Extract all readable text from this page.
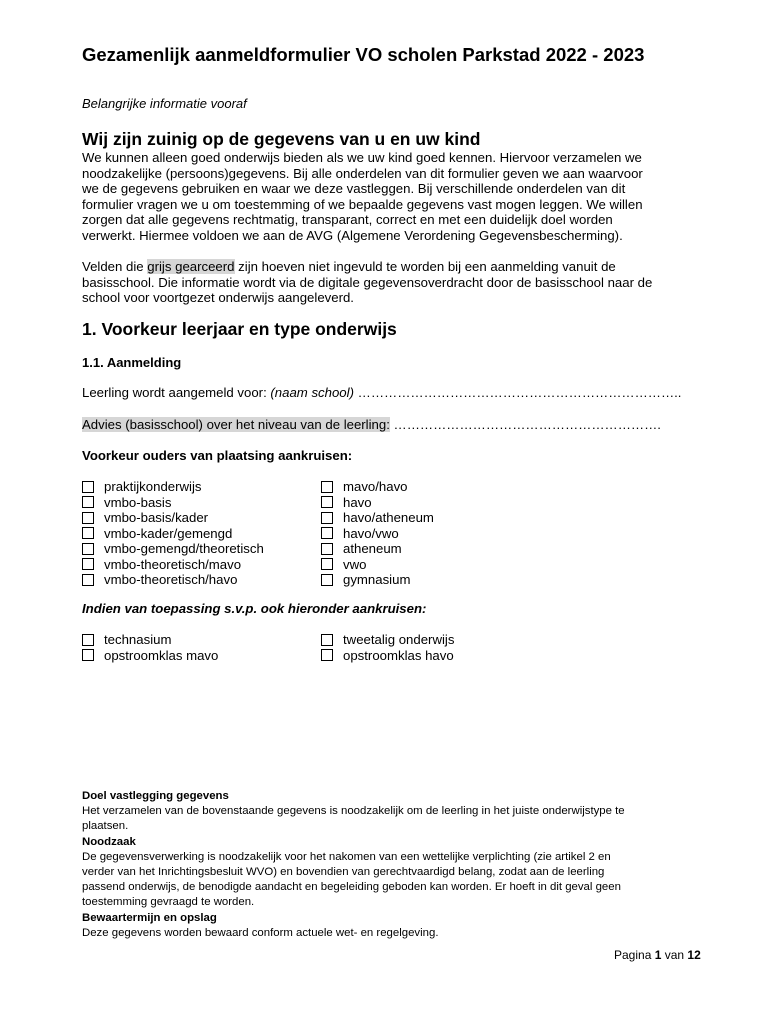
Gezamenlijk aanmeldformulier VO scholen Parkstad 2022 - 2023
Belangrijke informatie vooraf
Wij zijn zuinig op de gegevens van u en uw kind
We kunnen alleen goed onderwijs bieden als we uw kind goed kennen. Hiervoor verzamelen we
noodzakelijke (persoons)gegevens. Bij alle onderdelen van dit formulier geven we aan waarvoor
we de gegevens gebruiken en waar we deze vastleggen. Bij verschillende onderdelen van dit
formulier vragen we u om toestemming of we bepaalde gegevens vast mogen leggen. We willen
zorgen dat alle gegevens rechtmatig, transparant, correct en met een duidelijk doel worden
verwerkt. Hiermee voldoen we aan de AVG (Algemene Verordening Gegevensbescherming).
Velden die grijs gearceerd zijn hoeven niet ingevuld te worden bij een aanmelding vanuit de
basisschool. Die informatie wordt via de digitale gegevensoverdracht door de basisschool naar de
school voor voortgezet onderwijs aangeleverd.
1. Voorkeur leerjaar en type onderwijs
1.1. Aanmelding
Leerling wordt aangemeld voor: (naam school) ………………………………………………………………..
Advies (basisschool) over het niveau van de leerling: …………………………………………………….
Voorkeur ouders van plaatsing aankruisen:
praktijkonderwijs
vmbo-basis
vmbo-basis/kader
vmbo-kader/gemengd
vmbo-gemengd/theoretisch
vmbo-theoretisch/mavo
vmbo-theoretisch/havo
mavo/havo
havo
havo/atheneum
havo/vwo
atheneum
vwo
gymnasium
Indien van toepassing s.v.p. ook hieronder aankruisen:
technasium
opstroomklas mavo
tweetalig onderwijs
opstroomklas havo
Doel vastlegging gegevens
Het verzamelen van de bovenstaande gegevens is noodzakelijk om de leerling in het juiste onderwijstype te
plaatsen.
Noodzaak
De gegevensverwerking is noodzakelijk voor het nakomen van een wettelijke verplichting (zie artikel 2 en
verder van het Inrichtingsbesluit WVO) en bovendien van gerechtvaardigd belang, zodat aan de leerling
passend onderwijs, de benodigde aandacht en begeleiding geboden kan worden. Er hoeft in dit geval geen
toestemming gevraagd te worden.
Bewaartermijn en opslag
Deze gegevens worden bewaard conform actuele wet- en regelgeving.
Pagina 1 van 12
